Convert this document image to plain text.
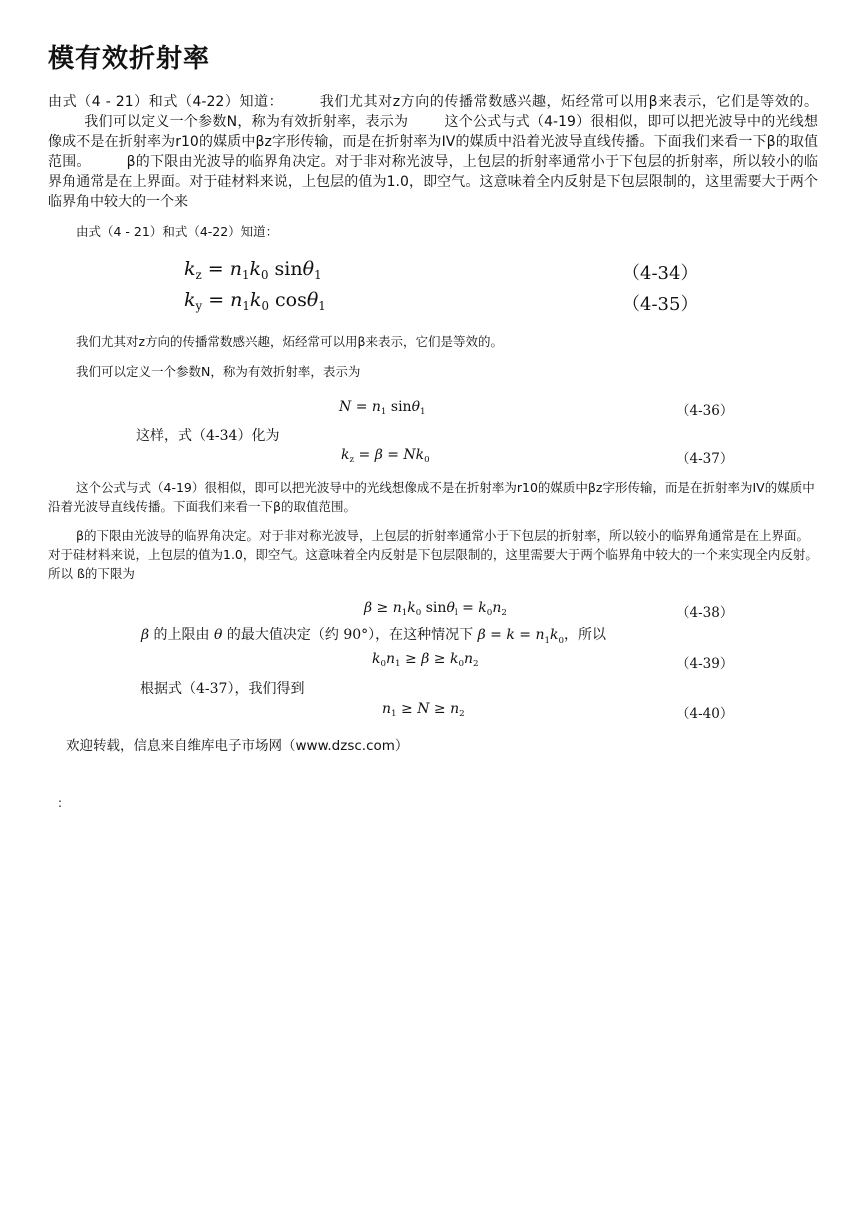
模有效折射率

由式（4 - 21）和式（4-22）知道：	我们尤其对z方向的传播常数感兴趣，炻经常可以用β来表示，它们是等效的。我们可以定义一个参数N，称为有效折射率，表示为	这个公式与式（4-19）很相似，即可以把光波导中的光线想像成不是在折射率为r10的媒质中βz字形传输，而是在折射率为IV的媒质中沿着光波导直线传播。下面我们来看一下β的取值范围。	β的下限由光波导的临界角决定。对于非对称光波导，上包层的折射率通常小于下包层的折射率，所以较小的临界角通常是在上界面。对于硅材料来说，上包层的值为1.0，即空气。这意味着全内反射是下包层限制的，这里需要大于两个临界角中较大的一个来

由式（4 - 21）和式（4-22）知道：

$k_z = n_1k_0$ sinθ$_1$	（4-34）
$k_y = n_1k_0$ cosθ$_1$	（4-35）

我们尤其对z方向的传播常数感兴趣，炻经常可以用β来表示，它们是等效的。

我们可以定义一个参数N，称为有效折射率，表示为

$N = n_1$ sinθ$_1$	（4-36）
这样，式（4-34）化为
$k_z = \beta = Nk_0$	（4-37）

这个公式与式（4-19）很相似，即可以把光波导中的光线想像成不是在折射率为r10的媒质中βz字形传输，而是在折射率为IV的媒质中沿着光波导直线传播。下面我们来看一下β的取值范围。

β的下限由光波导的临界角决定。对于非对称光波导，上包层的折射率通常小于下包层的折射率，所以较小的临界角通常是在上界面。对于硅材料来说，上包层的值为1.0，即空气。这意味着全内反射是下包层限制的，这里需要大于两个临界角中较大的一个来实现全内反射。所以 ß的下限为

$\beta \ge n_1k_0$ $\sin\theta_l = k_0n_2$	（4-38）
β 的上限由 θ 的最大值决定（约 90°），在这种情况下 $\beta = k = n_1k_0$，所以
$k_0n_1 \ge \beta \ge k_0n_2$	（4-39）
根据式（4-37），我们得到
$n_1 \ge N \ge n_2$	（4-40）

欢迎转载，信息来自维库电子市场网（www.dzsc.com）

:
